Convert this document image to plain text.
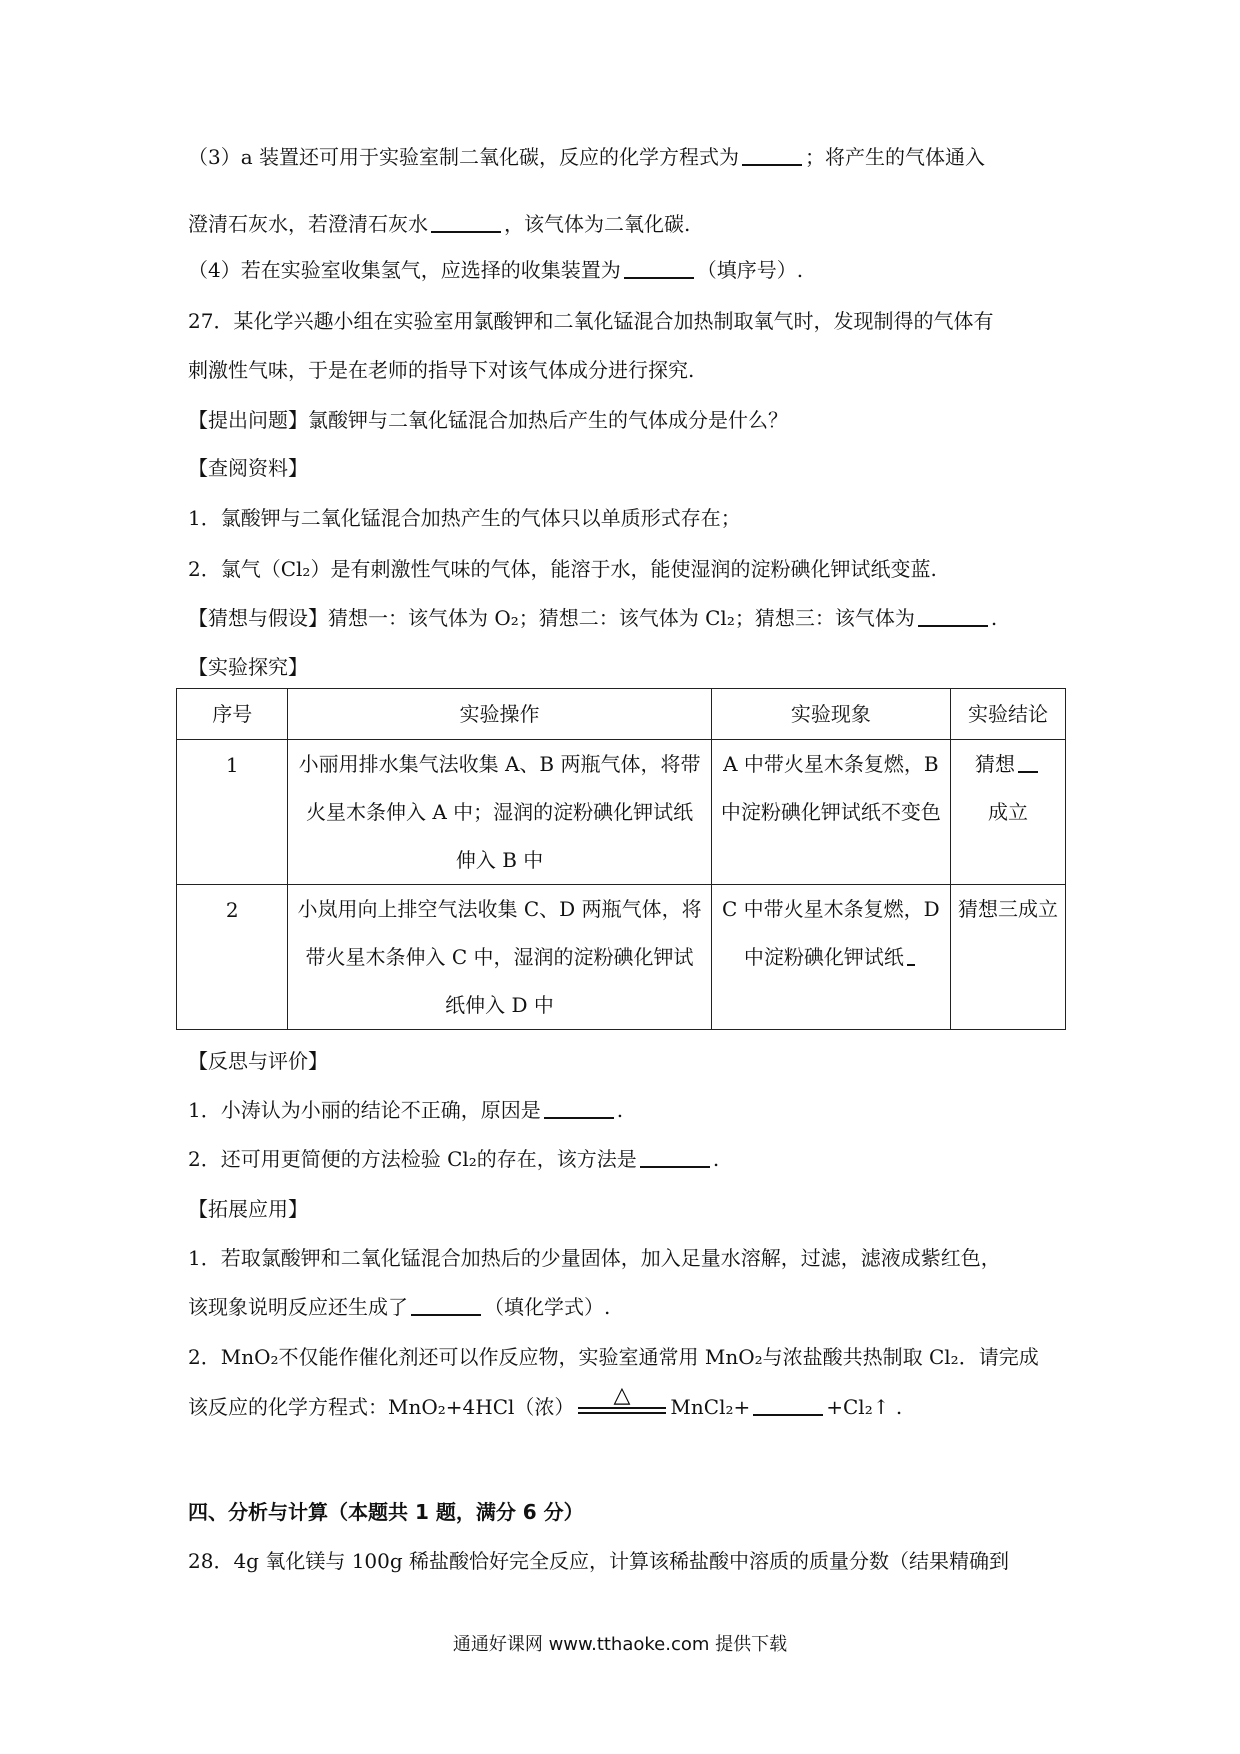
（3）a 装置还可用于实验室制二氧化碳，反应的化学方程式为	；将产生的气体通入
澄清石灰水，若澄清石灰水	，该气体为二氧化碳.
（4）若在实验室收集氢气，应选择的收集装置为	（填序号）.
27．某化学兴趣小组在实验室用氯酸钾和二氧化锰混合加热制取氧气时，发现制得的气体有
刺激性气味，于是在老师的指导下对该气体成分进行探究.
【提出问题】氯酸钾与二氧化锰混合加热后产生的气体成分是什么？
【查阅资料】
1．氯酸钾与二氧化锰混合加热产生的气体只以单质形式存在；
2．氯气（Cl₂）是有刺激性气味的气体，能溶于水，能使湿润的淀粉碘化钾试纸变蓝.
【猜想与假设】猜想一：该气体为 O₂；猜想二：该气体为 Cl₂；猜想三：该气体为	.
【实验探究】
序号	实验操作	实验现象	实验结论
1	小丽用排水集气法收集 A、B 两瓶气体，将带火星木条伸入 A 中；湿润的淀粉碘化钾试纸伸入 B 中	A 中带火星木条复燃，B 中淀粉碘化钾试纸不变色	猜想
成立
2	小岚用向上排空气法收集 C、D 两瓶气体，将带火星木条伸入 C 中，湿润的淀粉碘化钾试纸伸入 D 中	C 中带火星木条复燃，D 中淀粉碘化钾试纸	猜想三成立
【反思与评价】
1．小涛认为小丽的结论不正确，原因是	.
2．还可用更简便的方法检验 Cl₂的存在，该方法是	.
【拓展应用】
1．若取氯酸钾和二氧化锰混合加热后的少量固体，加入足量水溶解，过滤，滤液成紫红色，
该现象说明反应还生成了	（填化学式）.
2．MnO₂不仅能作催化剂还可以作反应物，实验室通常用 MnO₂与浓盐酸共热制取 Cl₂．请完成
该反应的化学方程式：MnO₂+4HCl（浓） △ MnCl₂+	+Cl₂↑ .
四、分析与计算（本题共 1 题，满分 6 分）
28．4g 氧化镁与 100g 稀盐酸恰好完全反应，计算该稀盐酸中溶质的质量分数（结果精确到
通通好课网 www.tthaoke.com 提供下载
